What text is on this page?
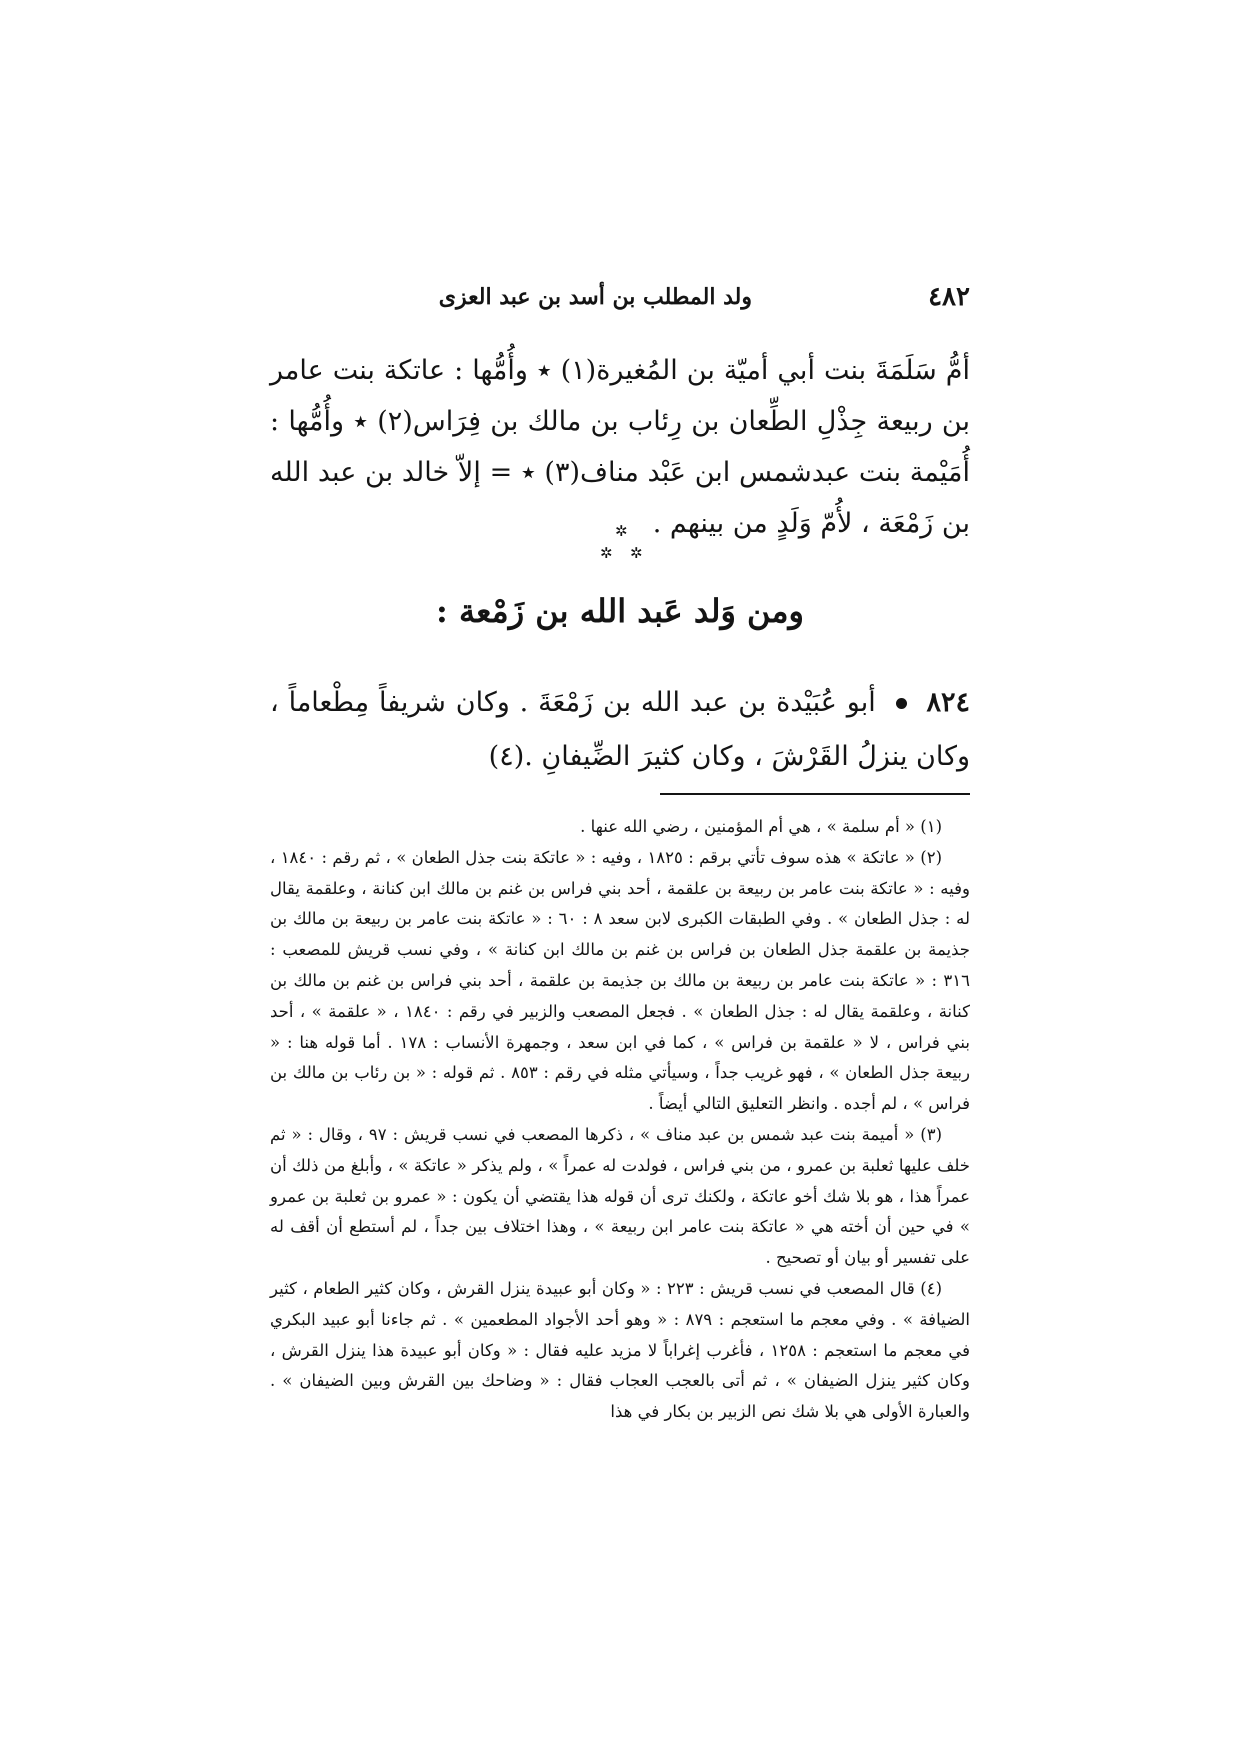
٤٨٢
ولد المطلب بن أسد بن عبد العزى

أمُّ سَلَمَةَ بنت أبي أميّة بن المُغيرة(١) ٭ وأُمُّها : عاتكة بنت عامر بن ربيعة جِذْلِ الطِّعان بن رِئاب بن مالك بن فِرَاس(٢) ٭ وأُمُّها : أُمَيْمة بنت عبدشمس ابن عَبْد مناف(٣) ٭ = إلاّ خالد بن عبد الله بن زَمْعَة ، لأُمّ وَلَدٍ من بينهم .

✲
✲ ✲
ومن وَلد عَبد الله بن زَمْعة :

٨٢٤  أبو عُبَيْدة بن عبد الله بن زَمْعَةَ . وكان شريفاً مِطْعاماً ، وكان ينزلُ القَرْشَ ، وكان كثيرَ الضِّيفانِ .(٤)

(١) « أم سلمة » ، هي أم المؤمنين ، رضي الله عنها .

(٢) « عاتكة » هذه سوف تأتي برقم : ١٨٢٥ ، وفيه : « عاتكة بنت جذل الطعان » ، ثم رقم : ١٨٤٠ ، وفيه : « عاتكة بنت عامر بن ربيعة بن علقمة ، أحد بني فراس بن غنم بن مالك ابن كنانة ، وعلقمة يقال له : جذل الطعان » . وفي الطبقات الكبرى لابن سعد ٨ : ٦٠ : « عاتكة بنت عامر بن ربيعة بن مالك بن جذيمة بن علقمة جذل الطعان بن فراس بن غنم بن مالك ابن كنانة » ، وفي نسب قريش للمصعب : ٣١٦ : « عاتكة بنت عامر بن ربيعة بن مالك بن جذيمة بن علقمة ، أحد بني فراس بن غنم بن مالك بن كنانة ، وعلقمة يقال له : جذل الطعان » . فجعل المصعب والزبير في رقم : ١٨٤٠ ، « علقمة » ، أحد بني فراس ، لا « علقمة بن فراس » ، كما في ابن سعد ، وجمهرة الأنساب : ١٧٨ . أما قوله هنا : « ربيعة جذل الطعان » ، فهو غريب جداً ، وسيأتي مثله في رقم : ٨٥٣ . ثم قوله : « بن رئاب بن مالك بن فراس » ، لم أجده . وانظر التعليق التالي أيضاً .

(٣) « أميمة بنت عبد شمس بن عبد مناف » ، ذكرها المصعب في نسب قريش : ٩٧ ، وقال : « ثم خلف عليها ثعلبة بن عمرو ، من بني فراس ، فولدت له عمراً » ، ولم يذكر « عاتكة » ، وأبلغ من ذلك أن عمراً هذا ، هو بلا شك أخو عاتكة ، ولكنك ترى أن قوله هذا يقتضي أن يكون : « عمرو بن ثعلبة بن عمرو » في حين أن أخته هي « عاتكة بنت عامر ابن ربيعة » ، وهذا اختلاف بين جداً ، لم أستطع أن أقف له على تفسير أو بيان أو تصحيح .

(٤) قال المصعب في نسب قريش : ٢٢٣ : « وكان أبو عبيدة ينزل القرش ، وكان كثير الطعام ، كثير الضيافة » . وفي معجم ما استعجم : ٨٧٩ : « وهو أحد الأجواد المطعمين » . ثم جاءنا أبو عبيد البكري في معجم ما استعجم : ١٢٥٨ ، فأغرب إغراباً لا مزيد عليه فقال : « وكان أبو عبيدة هذا ينزل القرش ، وكان كثير ينزل الضيفان » ، ثم أتى بالعجب العجاب فقال : « وضاحك بين القرش وبين الضيفان » . والعبارة الأولى هي بلا شك نص الزبير بن بكار في هذا
